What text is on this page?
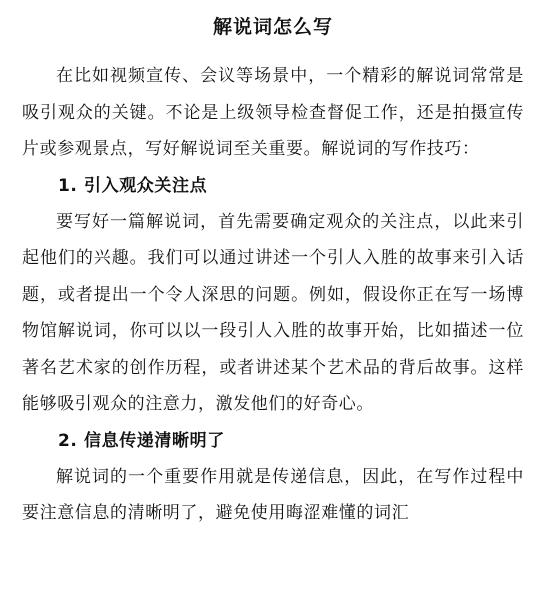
解说词怎么写

在比如视频宣传、会议等场景中，一个精彩的解说词常常是吸引观众的关键。不论是上级领导检查督促工作，还是拍摄宣传片或参观景点，写好解说词至关重要。解说词的写作技巧：

1. 引入观众关注点

要写好一篇解说词，首先需要确定观众的关注点，以此来引起他们的兴趣。我们可以通过讲述一个引人入胜的故事来引入话题，或者提出一个令人深思的问题。例如，假设你正在写一场博物馆解说词，你可以以一段引人入胜的故事开始，比如描述一位著名艺术家的创作历程，或者讲述某个艺术品的背后故事。这样能够吸引观众的注意力，激发他们的好奇心。

2. 信息传递清晰明了

解说词的一个重要作用就是传递信息，因此，在写作过程中要注意信息的清晰明了，避免使用晦涩难懂的词汇
